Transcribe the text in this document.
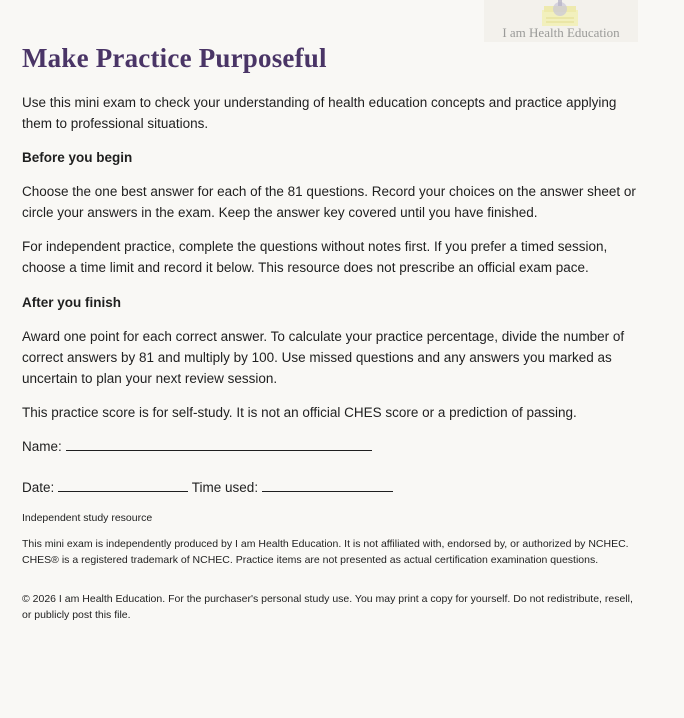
I am Health Education
Make Practice Purposeful

Use this mini exam to check your understanding of health education concepts and practice applying them to professional situations.

Before you begin

Choose the one best answer for each of the 81 questions. Record your choices on the answer sheet or circle your answers in the exam. Keep the answer key covered until you have finished.

For independent practice, complete the questions without notes first. If you prefer a timed session, choose a time limit and record it below. This resource does not prescribe an official exam pace.

After you finish

Award one point for each correct answer. To calculate your practice percentage, divide the number of correct answers by 81 and multiply by 100. Use missed questions and any answers you marked as uncertain to plan your next review session.

This practice score is for self-study. It is not an official CHES score or a prediction of passing.

Name:
Date:	Time used:

Independent study resource

This mini exam is independently produced by I am Health Education. It is not affiliated with, endorsed by, or authorized by NCHEC. CHES® is a registered trademark of NCHEC. Practice items are not presented as actual certification examination questions.

© 2026 I am Health Education. For the purchaser's personal study use. You may print a copy for yourself. Do not redistribute, resell, or publicly post this file.
